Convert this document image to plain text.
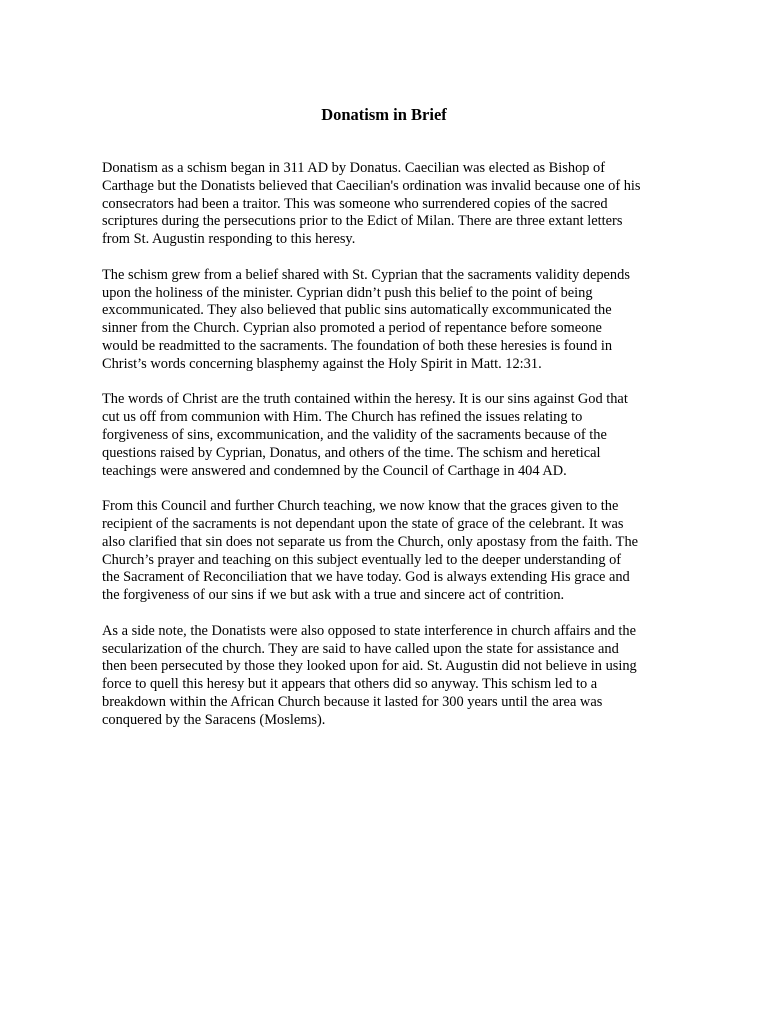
Donatism in Brief

Donatism as a schism began in 311 AD by Donatus. Caecilian was elected as Bishop of
Carthage but the Donatists believed that Caecilian's ordination was invalid because one of his
consecrators had been a traitor. This was someone who surrendered copies of the sacred
scriptures during the persecutions prior to the Edict of Milan. There are three extant letters
from St. Augustin responding to this heresy.

The schism grew from a belief shared with St. Cyprian that the sacraments validity depends
upon the holiness of the minister. Cyprian didn’t push this belief to the point of being
excommunicated. They also believed that public sins automatically excommunicated the
sinner from the Church. Cyprian also promoted a period of repentance before someone
would be readmitted to the sacraments. The foundation of both these heresies is found in
Christ’s words concerning blasphemy against the Holy Spirit in Matt. 12:31.

The words of Christ are the truth contained within the heresy. It is our sins against God that
cut us off from communion with Him. The Church has refined the issues relating to
forgiveness of sins, excommunication, and the validity of the sacraments because of the
questions raised by Cyprian, Donatus, and others of the time. The schism and heretical
teachings were answered and condemned by the Council of Carthage in 404 AD.

From this Council and further Church teaching, we now know that the graces given to the
recipient of the sacraments is not dependant upon the state of grace of the celebrant. It was
also clarified that sin does not separate us from the Church, only apostasy from the faith. The
Church’s prayer and teaching on this subject eventually led to the deeper understanding of
the Sacrament of Reconciliation that we have today. God is always extending His grace and
the forgiveness of our sins if we but ask with a true and sincere act of contrition.

As a side note, the Donatists were also opposed to state interference in church affairs and the
secularization of the church. They are said to have called upon the state for assistance and
then been persecuted by those they looked upon for aid. St. Augustin did not believe in using
force to quell this heresy but it appears that others did so anyway. This schism led to a
breakdown within the African Church because it lasted for 300 years until the area was
conquered by the Saracens (Moslems).
